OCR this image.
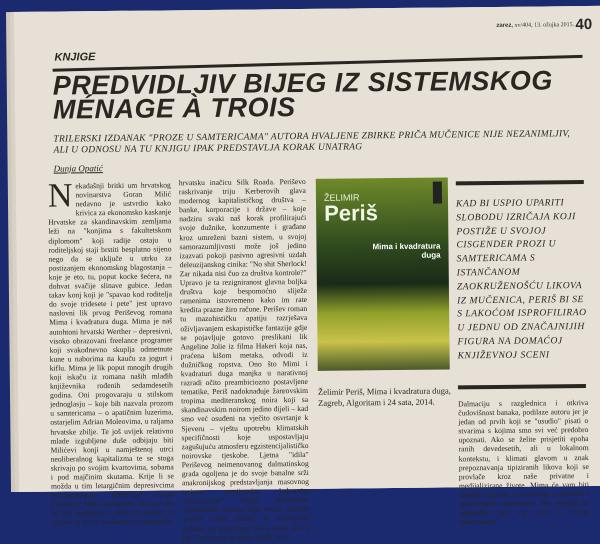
zarez, xv/404, 13. ožujka 2015. 40
KNJIGE
PREDVIDLJIV BIJEG IZ SISTEMSKOG MÉNAGE À TROIS
TRILERSKI IZDANAK "PROZE U SAMTERICAMA" AUTORA HVALJENE ZBIRKE PRIČA MUČENICE NIJE NEZANIMLJIV, ALI U ODNOSU NA TU KNJIGU IPAK PREDSTAVLJA KORAK UNATRAG
Dunja Opatić
Nekadašnji britki um hrvatskog novinarstva Goran Milić nedavno je ustvrdio kako krivica za ekonomsko kaskanje Hrvatske za skandinavskim zemljama leži na "konjima s fakultetskom diplomom" koji radije ostaju u roditeljskoj staji brstiti besplatno sijeno nego da se uključe u utrku za postizanjem ekonomskog blagostanja – koje je eto, tu, poput kocke šećera, na dohvat svačije slinave gubice. Jedan takav konj koji je "spavao kod roditelja do svoje tridesete i pete" jest upravo naslovni lik prvog Periševog romana Mima i kvadratura duga. Mima je naš autohtoni hrvatski Werther – depresivni, visoko obrazovani freelance programer koji svakodnevno skuplja odmetnute kune u naborima na kauču za jogurt i kiflu. Mima je lik poput mnogih drugih koji iskaču iz romana naših mlađih književnika rođenih sedamdesetih godina. Oni progovaraju u stilskom jednoglasju – koje bih nazvala prozom u samtericama – o apatičnim luzerima, ostarjelim Adrian Moleovima, u raljama hrvatske zbilje. Te još uvijek relativno mlade izgubljene duše odbijaju biti Milićevi konji u namještenoj utrci neoliberalnog kapitalizma te se stoga skrivaju po svojim kvartovima, sobama i pod majčinim skutama. Krije li se možda u tim letargičnim depresivcima revolucionarni potencijal Guya Fawkesa? Malo vjerojatno. No ono što ih čini moćnima u njihovoj nemoći je upravo to što su naviknuti na neuspjehe.
hrvatsku inačicu Silk Roada. Periševo raskrivanje triju Kerberovih glava modernog kapitalističkog društva – banke, korporacije i države – koje nadziru svaki naš korak profilirajući svoje dužnike, konzumente i građane kroz umreženi bazni sistem, u svojoj samorazumljivosti može još jedino izazvati pokoji pasivno agresivni uzdah deleuzijanskog cinika: "No shit Sherlock! Zar nikada nisi čuo za društva kontrole?" Upravo je ta rezigniranost glavna boljka društva koje bespomoćno sliježe ramenima istovremeno kako im rate kredita prazne žiro račune. Perišev roman tu mazohističku apatiju razrješava oživljavanjem eskapističke fantazije gdje se pojavljuje gotovo preslikani lik Angeline Jolie iz filma Hakeri koja nas, praćena kišom metaka, odvodi iz dužničkog ropstva. Ono što Mimi i kvadraturi duga manjka u narativnoj razradi očito preambiciozno postavljene tematike, Periš nadoknađuje žanrovskim tropima mediteranskog noira koji sa skandinavskim noirom jedino dijeli – kad smo već osuđeni na vječito osvrtanje k Sjeveru – vještu upotrebu klimatskih specifičnosti koje uspostavljaju zagušujuću atmosferu egzistencijalističko noirovske tjeskobe. Ljetna "idila" Periševog neimenovanog dalmatinskog grada ogoljena je do svoje banalne srži anakronijskog predstavljanja masovnog turizma povijesnim kulturnim "atrakcijama", bahate luksuznosti vikendaških naselja koja većim dijelom godine zjape prazna, te naslaganih ručnika uz popločanu obalu mora kao u igri Tetris koja je opako pošla krivo.
ŽELIMIR
Periš
Mima i kvadratura duga
Želimir Periš, Mima i kvadratura duga, Zagreb, Algoritam i 24 sata, 2014.
KAD BI USPIO UPARITI SLOBODU IZRIČAJA KOJI POSTIŽE U SVOJOJ CISGENDER PROZI U SAMTERICAMA S ISTANČANOM ZAOKRUŽENOŠĆU LIKOVA IZ MUČENICA, PERIŠ BI SE S LAKOĆOM ISPROFILIRAO U JEDNU OD ZNAČAJNIJIH FIGURA NA DOMAĆOJ KNJIŽEVNOJ SCENI
Dalmaciju s razglednica i otkriva čudovišnost banaka, podilaze autoru jer je jedan od prvih koji se "usudio" pisati o stvarima s kojima smo svi već predobro upoznati. Ako se želite prisjetiti epoha ranih devedesetih, ali u lokalnom kontekstu, i klimati glavom u znak prepoznavanja tipiziranih likova koji se provlače kroz naše privatne i medijalizirane živote, Mima će vam biti ugodni suputnik u putovanju u prošlost s tehnološkim upgradeom. No nemojte se iznenaditi ako vas ništa u ovom, takozvanom
